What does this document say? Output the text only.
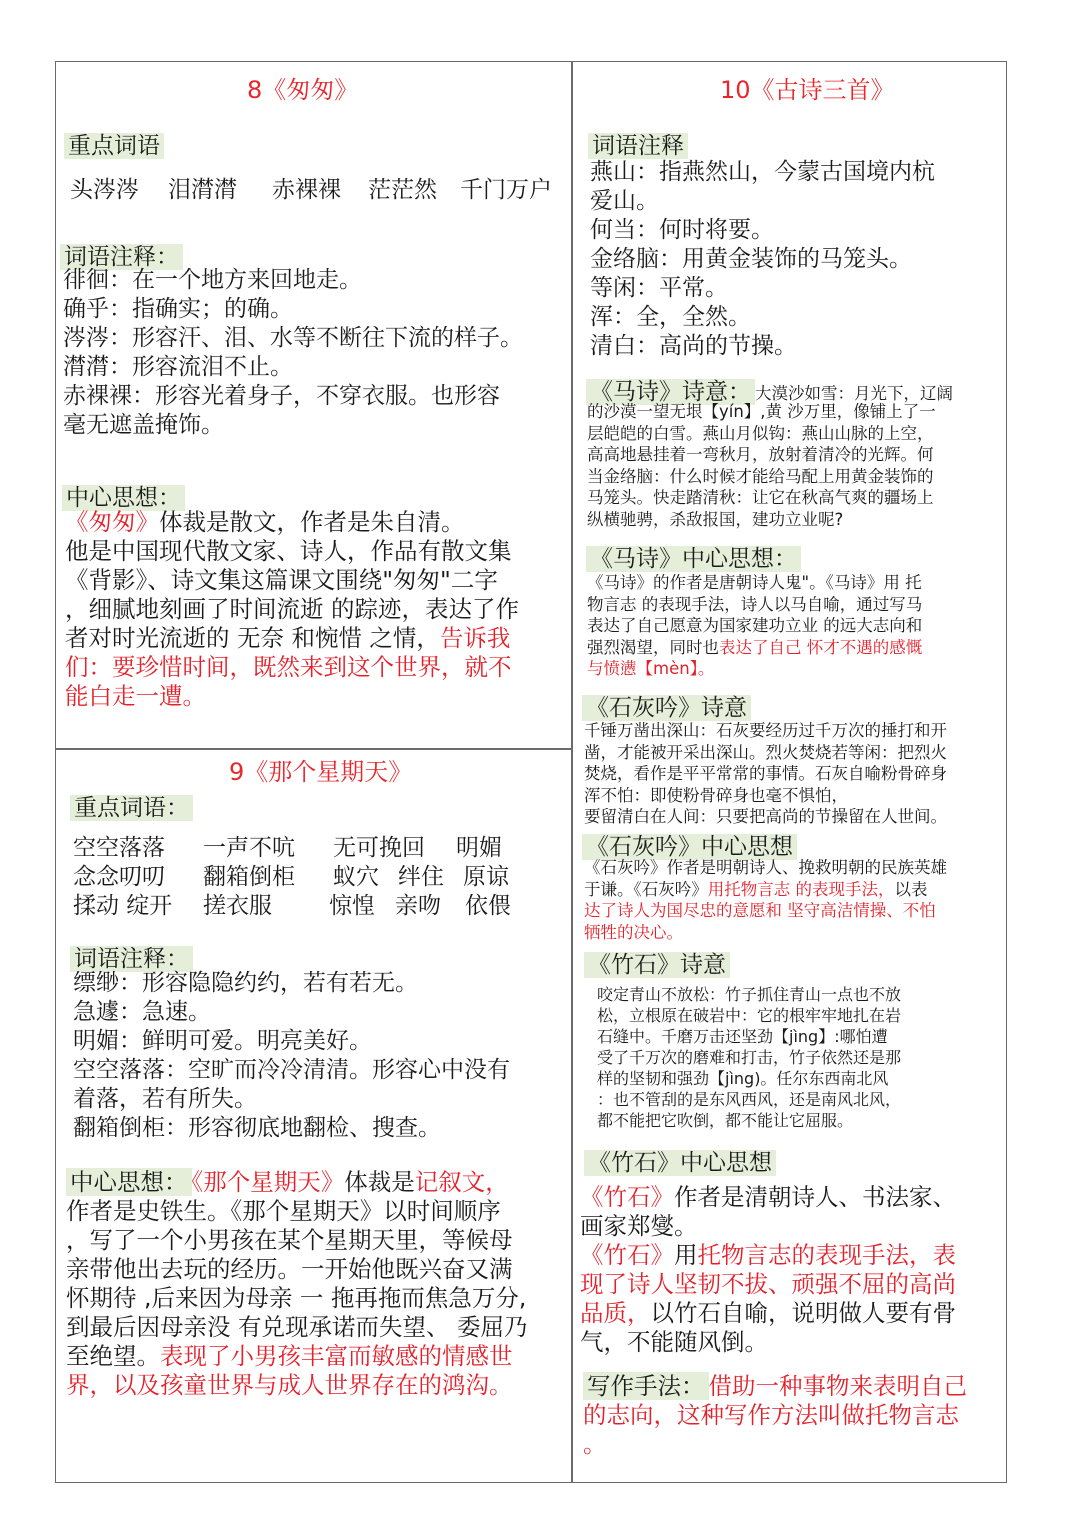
8《匆匆》
重点词语
头涔涔 泪潸潸 赤裸裸 茫茫然 千门万户
词语注释：
徘徊：在一个地方来回地走。
确乎：指确实；的确。
涔涔：形容汗、泪、水等不断往下流的样子。
潸潸：形容流泪不止。
赤裸裸：形容光着身子，不穿衣服。也形容
毫无遮盖掩饰。
中心思想：
《匆匆》体裁是散文，作者是朱自清。
他是中国现代散文家、诗人，作品有散文集
《背影》、诗文集这篇课文围绕"匆匆"二字
，细腻地刻画了时间流逝 的踪迹，表达了作
者对时光流逝的 无奈 和惋惜 之情，告诉我
们：要珍惜时间，既然来到这个世界，就不
能白走一遭。
9《那个星期天》
重点词语：
空空落落 一声不吭 无可挽回 明媚
念念叨叨 翻箱倒柜 蚁穴 绊住 原谅
揉动 绽开 搓衣服 惊惶 亲吻 依偎
词语注释：
缥缈：形容隐隐约约，若有若无。
急遽：急速。
明媚：鲜明可爱。明亮美好。
空空落落：空旷而冷冷清清。形容心中没有
着落，若有所失。
翻箱倒柜：形容彻底地翻检、搜查。
中心思想： 《那个星期天》体裁是记叙文，
作者是史铁生。《那个星期天》以时间顺序
，写了一个小男孩在某个星期天里，等候母
亲带他出去玩的经历。一开始他既兴奋又满
怀期待 ,后来因为母亲 一 拖再拖而焦急万分,
到最后因母亲没 有兑现承诺而失望、 委屈乃
至绝望。表现了小男孩丰富而敏感的情感世
界，以及孩童世界与成人世界存在的鸿沟。
10《古诗三首》
词语注释
燕山：指燕然山，今蒙古国境内杭
爱山。
何当：何时将要。
金络脑：用黄金装饰的马笼头。
等闲：平常。
浑：全，全然。
清白：高尚的节操。
《马诗》诗意： 大漠沙如雪：月光下，辽阔
的沙漠一望无垠【yín】,黄 沙万里，像铺上了一
层皑皑的白雪。燕山月似钩：燕山山脉的上空，
高高地悬挂着一弯秋月，放射着清冷的光辉。何
当金络脑：什么时候才能给马配上用黄金装饰的
马笼头。快走踏清秋：让它在秋高气爽的疆场上
纵横驰骋，杀敌报国，建功立业呢?
《马诗》中心思想：
《马诗》的作者是唐朝诗人鬼"。《马诗》用 托
物言志 的表现手法，诗人以马自喻，通过写马
表达了自己愿意为国家建功立业 的远大志向和
强烈渴望，同时也表达了自己 怀才不遇的感慨
与愤懑【mèn】。
《石灰吟》诗意
千锤万凿出深山：石灰要经历过千万次的捶打和开
凿，才能被开采出深山。烈火焚烧若等闲：把烈火
焚烧，看作是平平常常的事情。石灰自喻粉骨碎身
浑不怕：即使粉骨碎身也毫不惧怕，
要留清白在人间：只要把高尚的节操留在人世间。
《石灰吟》中心思想
《石灰吟》作者是明朝诗人、挽救明朝的民族英雄
于谦。《石灰吟》用托物言志 的表现手法，以表
达了诗人为国尽忠的意愿和 坚守高洁情操、不怕
牺牲的决心。
《竹石》诗意
咬定青山不放松：竹子抓住青山一点也不放
松，立根原在破岩中：它的根牢牢地扎在岩
石缝中。千磨万击还坚劲【jìng】:哪怕遭
受了千万次的磨难和打击，竹子依然还是那
样的坚韧和强劲【jìng)。任尔东西南北风
：也不管刮的是东风西风，还是南风北风，
都不能把它吹倒，都不能让它屈服。
《竹石》中心思想
《竹石》作者是清朝诗人、书法家、
画家郑燮。
《竹石》用托物言志的表现手法，表
现了诗人坚韧不拔、顽强不屈的高尚
品质，以竹石自喻，说明做人要有骨
气，不能随风倒。
写作手法： 借助一种事物来表明自己
的志向，这种写作方法叫做托物言志
。
